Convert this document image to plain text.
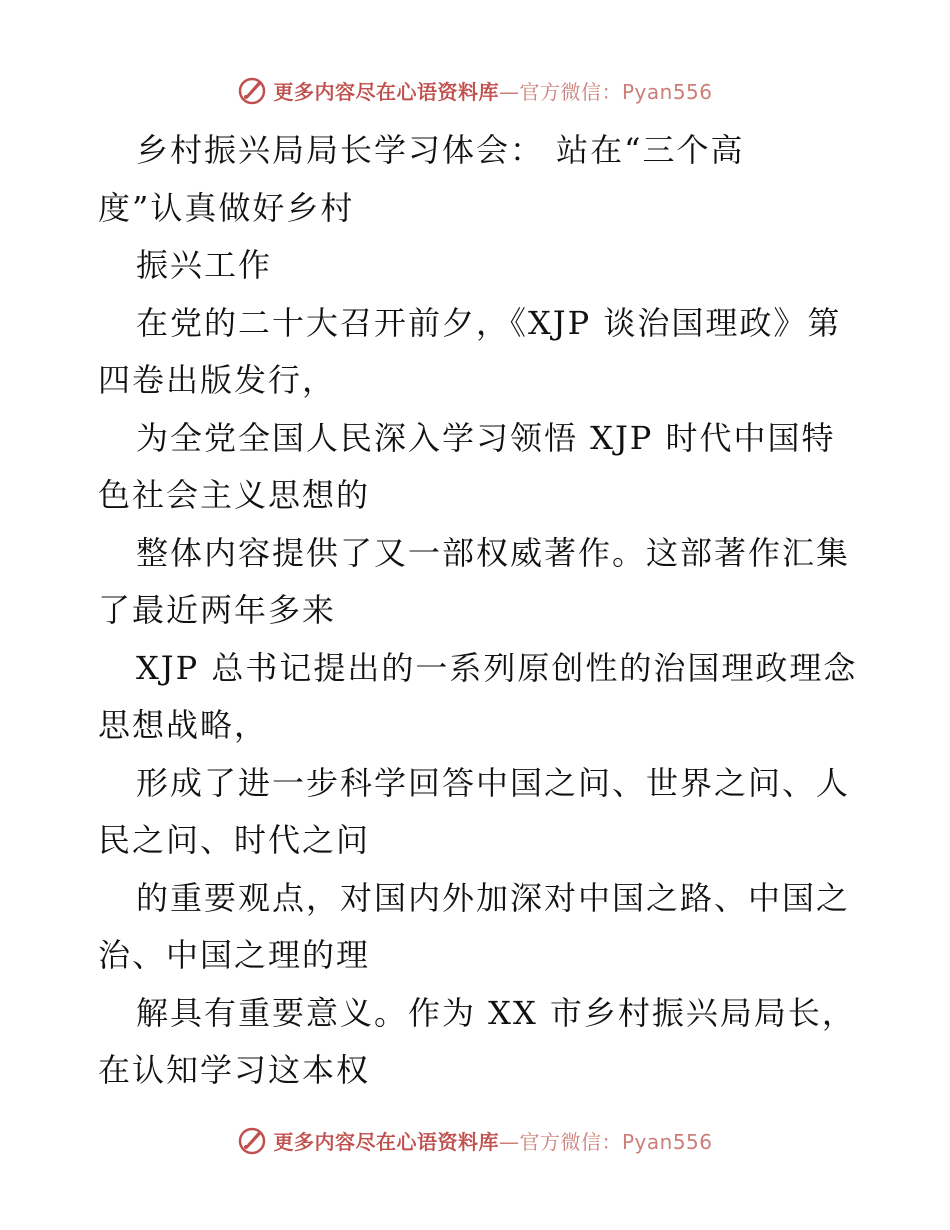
更多内容尽在心语资料库—官方微信：Pyan556
乡村振兴局局长学习体会： 站在“三个高
度”认真做好乡村
振兴工作
在党的二十大召开前夕，《XJP 谈治国理政》第
四卷出版发行，
为全党全国人民深入学习领悟 XJP 时代中国特
色社会主义思想的
整体内容提供了又一部权威著作。这部著作汇集
了最近两年多来
XJP 总书记提出的一系列原创性的治国理政理念
思想战略，
形成了进一步科学回答中国之问、世界之问、人
民之问、时代之问
的重要观点，对国内外加深对中国之路、中国之
治、中国之理的理
解具有重要意义。作为 XX 市乡村振兴局局长，
在认知学习这本权
更多内容尽在心语资料库—官方微信：Pyan556
